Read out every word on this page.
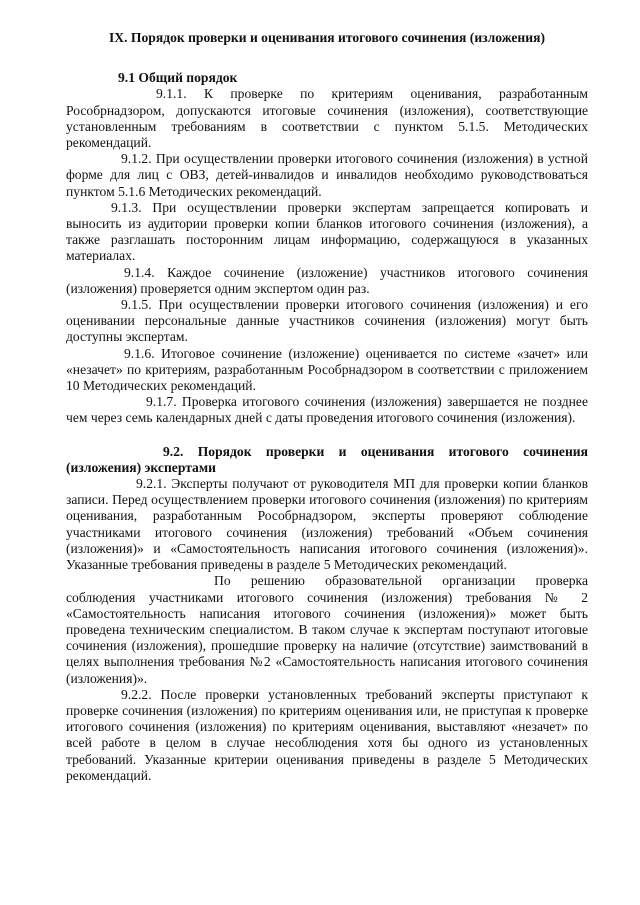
IX. Порядок проверки и оценивания итогового сочинения (изложения)

9.1 Общий порядок

9.1.1. К проверке по критериям оценивания, разработанным Рособрнадзором, допускаются итоговые сочинения (изложения), соответствующие установленным требованиям в соответствии с пунктом 5.1.5. Методических рекомендаций.

9.1.2. При осуществлении проверки итогового сочинения (изложения) в устной форме для лиц с ОВЗ, детей-инвалидов и инвалидов необходимо руководствоваться пунктом 5.1.6 Методических рекомендаций.

9.1.3. При осуществлении проверки экспертам запрещается копировать и выносить из аудитории проверки копии бланков итогового сочинения (изложения), а также разглашать посторонним лицам информацию, содержащуюся в указанных материалах.

9.1.4. Каждое сочинение (изложение) участников итогового сочинения (изложения) проверяется одним экспертом один раз.

9.1.5. При осуществлении проверки итогового сочинения (изложения) и его оценивании персональные данные участников сочинения (изложения) могут быть доступны экспертам.

9.1.6. Итоговое сочинение (изложение) оценивается по системе «зачет» или «незачет» по критериям, разработанным Рособрнадзором в соответствии с приложением 10 Методических рекомендаций.

9.1.7. Проверка итогового сочинения (изложения) завершается не позднее чем через семь календарных дней с даты проведения итогового сочинения (изложения).

9.2. Порядок проверки и оценивания итогового сочинения (изложения) экспертами

9.2.1. Эксперты получают от руководителя МП для проверки копии бланков записи. Перед осуществлением проверки итогового сочинения (изложения) по критериям оценивания, разработанным Рособрнадзором, эксперты проверяют соблюдение участниками итогового сочинения (изложения) требований «Объем сочинения (изложения)» и «Самостоятельность написания итогового сочинения (изложения)». Указанные требования приведены в разделе 5 Методических рекомендаций.

По решению образовательной организации проверка соблюдения участниками итогового сочинения (изложения) требования № 2 «Самостоятельность написания итогового сочинения (изложения)» может быть проведена техническим специалистом. В таком случае к экспертам поступают итоговые сочинения (изложения), прошедшие проверку на наличие (отсутствие) заимствований в целях выполнения требования №2 «Самостоятельность написания итогового сочинения (изложения)».

9.2.2. После проверки установленных требований эксперты приступают к проверке сочинения (изложения) по критериям оценивания или, не приступая к проверке итогового сочинения (изложения) по критериям оценивания, выставляют «незачет» по всей работе в целом в случае несоблюдения хотя бы одного из установленных требований. Указанные критерии оценивания приведены в разделе 5 Методических рекомендаций.
